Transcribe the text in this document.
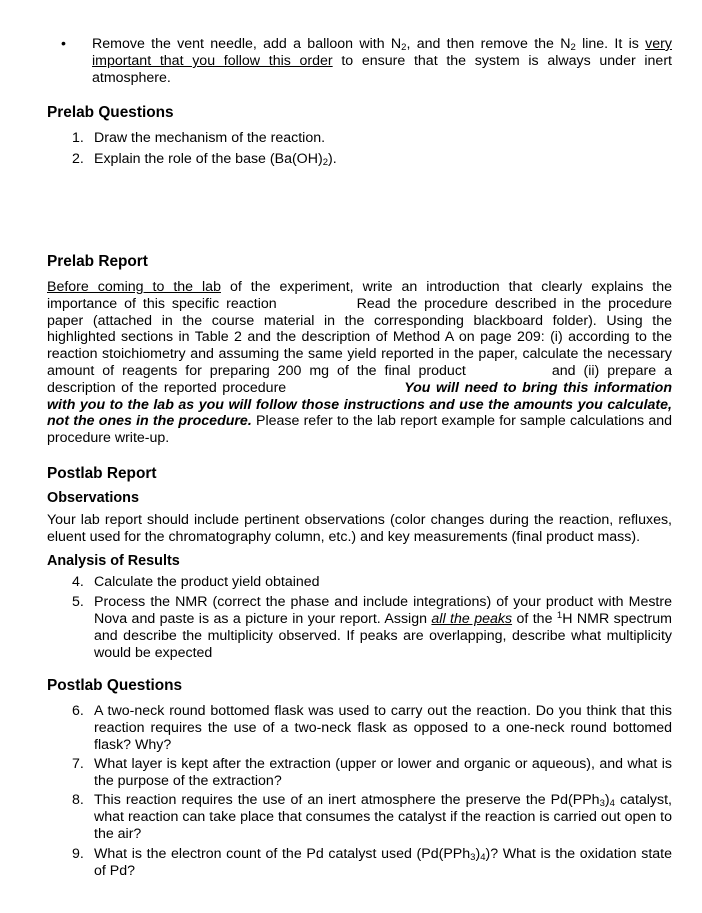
• Remove the vent needle, add a balloon with $N_2$, and then remove the $N_2$ line. It is very important that you follow this order to ensure that the system is always under inert atmosphere.
Prelab Questions
1. Draw the mechanism of the reaction.
2. Explain the role of the base $(Ba(OH)_2)$.
Prelab Report
Before coming to the lab of the experiment, write an introduction that clearly explains the importance of this specific reaction	Read the procedure described in the procedure paper (attached in the course material in the corresponding blackboard folder). Using the highlighted sections in Table 2 and the description of Method A on page 209: (i) according to the reaction stoichiometry and assuming the same yield reported in the paper, calculate the necessary amount of reagents for preparing 200 mg of the final product	and (ii) prepare a description of the reported procedure	You will need to bring this information with you to the lab as you will follow those instructions and use the amounts you calculate, not the ones in the procedure. Please refer to the lab report example for sample calculations and procedure write-up.
Postlab Report
Observations
Your lab report should include pertinent observations (color changes during the reaction, refluxes, eluent used for the chromatography column, etc.) and key measurements (final product mass).
Analysis of Results
4. Calculate the product yield obtained
5. Process the NMR (correct the phase and include integrations) of your product with Mestre Nova and paste is as a picture in your report. Assign all the peaks of the $^1$H NMR spectrum and describe the multiplicity observed. If peaks are overlapping, describe what multiplicity would be expected
Postlab Questions
6. A two-neck round bottomed flask was used to carry out the reaction. Do you think that this reaction requires the use of a two-neck flask as opposed to a one-neck round bottomed flask? Why?
7. What layer is kept after the extraction (upper or lower and organic or aqueous), and what is the purpose of the extraction?
8. This reaction requires the use of an inert atmosphere the preserve the $Pd(PPh_3)_4$ catalyst, what reaction can take place that consumes the catalyst if the reaction is carried out open to the air?
9. What is the electron count of the Pd catalyst used $(Pd(PPh_3)_4)$? What is the oxidation state of Pd?
